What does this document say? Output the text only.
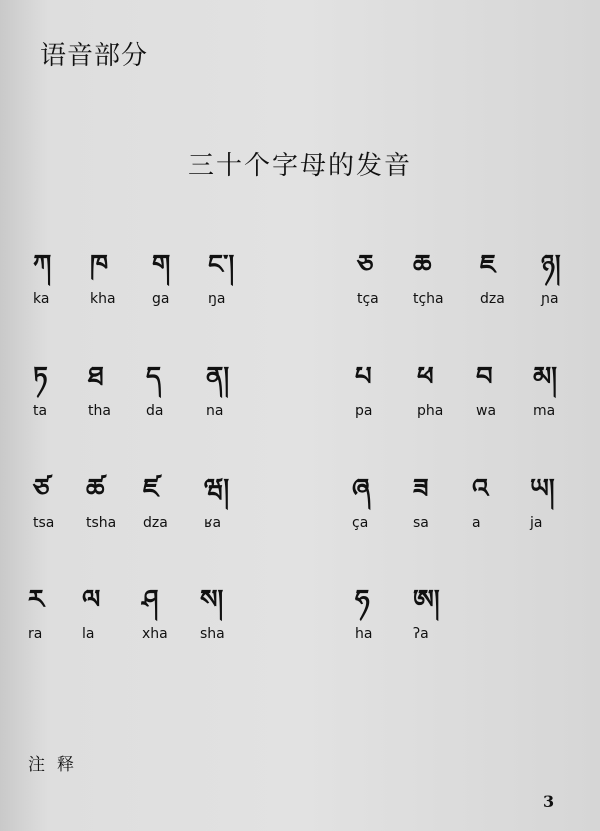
语音部分
三十个字母的发音
ཀ
ka
ཁ
kha
ག
ga
ང་།
ŋa
ཅ
tça
ཆ
tçha
ཇ
dza
ཉ།
ɲa
ཏ
ta
ཐ
tha
ད
da
ན།
na
པ
pa
ཕ
pha
བ
wa
མ།
ma
ཙ
tsa
ཚ
tsha
ཛ
dza
ཝ།
ʁa
ཞ
ça
ཟ
sa
འ
a
ཡ།
ja
ར
ra
ལ
la
ཤ
xha
ས།
sha
ཧ
ha
ཨ།
ʔa
注释
3
